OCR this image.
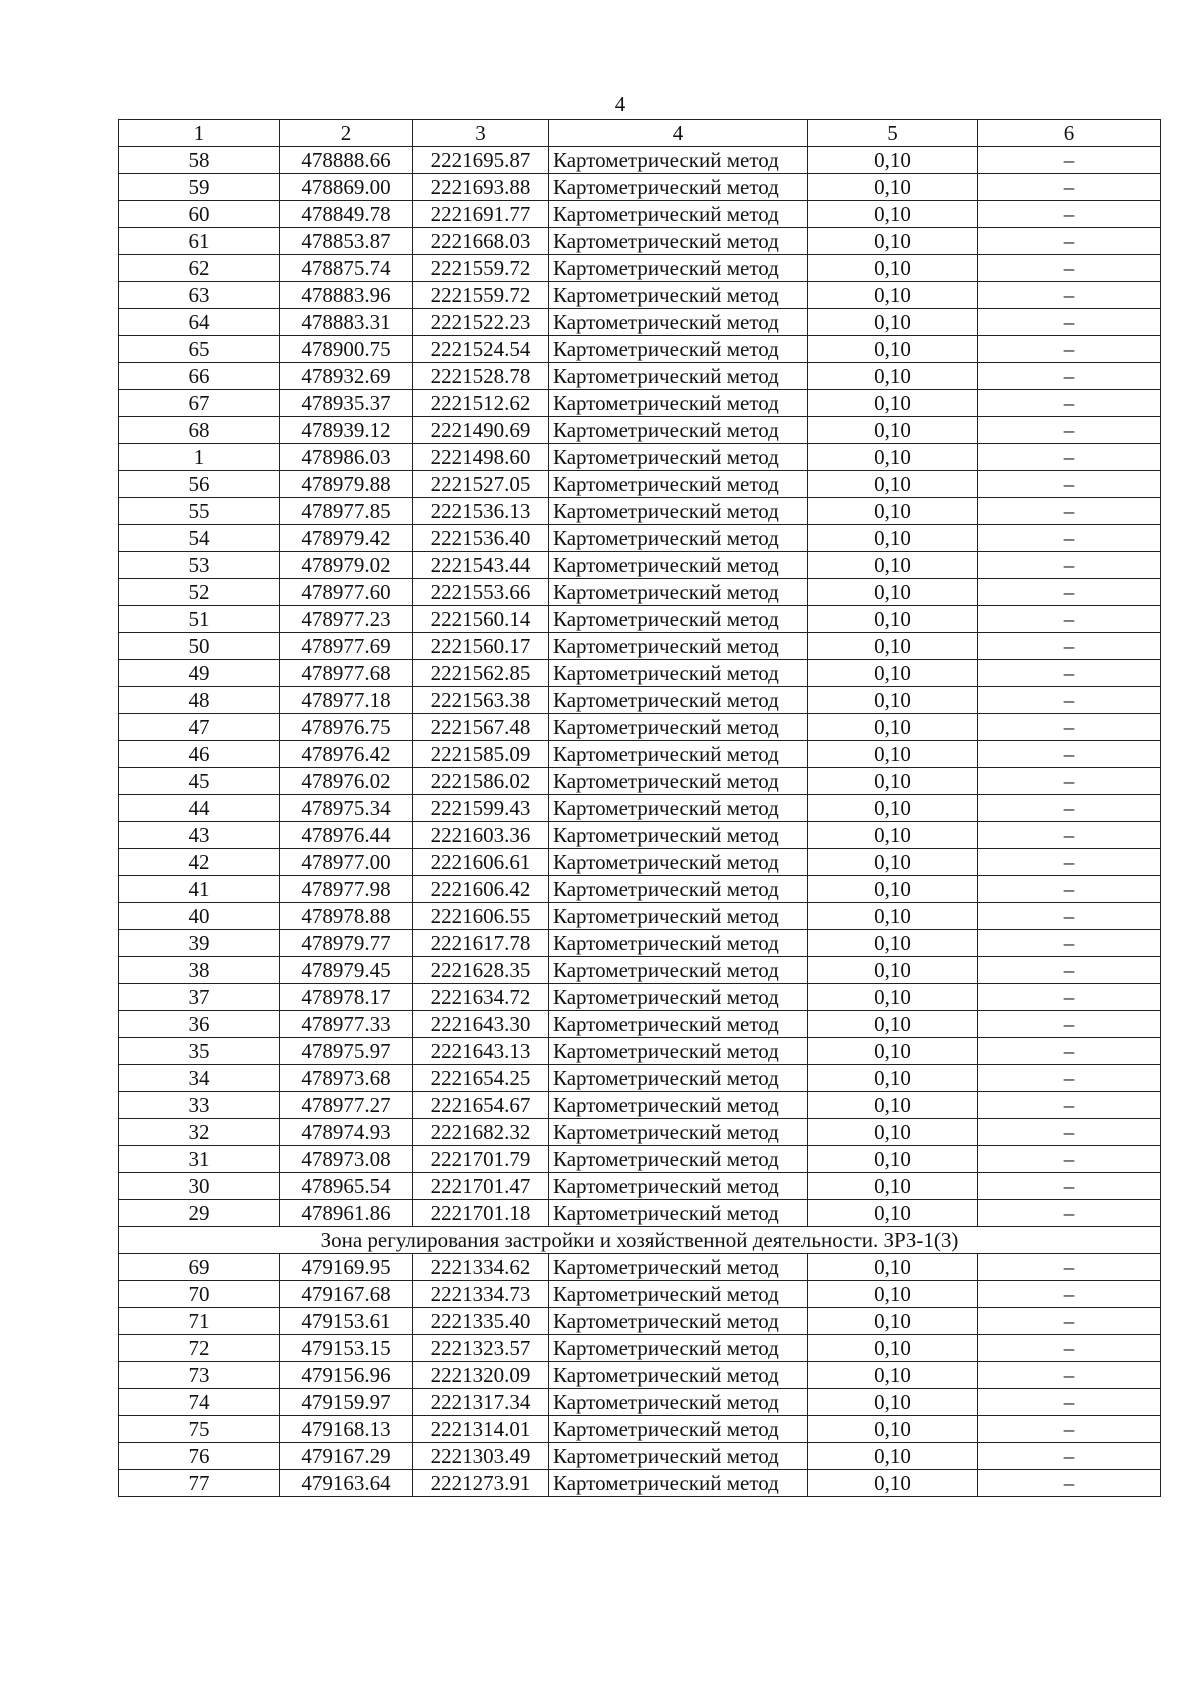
4
1	2	3	4	5	6
58	478888.66	2221695.87	Картометрический метод	0,10	–
59	478869.00	2221693.88	Картометрический метод	0,10	–
60	478849.78	2221691.77	Картометрический метод	0,10	–
61	478853.87	2221668.03	Картометрический метод	0,10	–
62	478875.74	2221559.72	Картометрический метод	0,10	–
63	478883.96	2221559.72	Картометрический метод	0,10	–
64	478883.31	2221522.23	Картометрический метод	0,10	–
65	478900.75	2221524.54	Картометрический метод	0,10	–
66	478932.69	2221528.78	Картометрический метод	0,10	–
67	478935.37	2221512.62	Картометрический метод	0,10	–
68	478939.12	2221490.69	Картометрический метод	0,10	–
1	478986.03	2221498.60	Картометрический метод	0,10	–
56	478979.88	2221527.05	Картометрический метод	0,10	–
55	478977.85	2221536.13	Картометрический метод	0,10	–
54	478979.42	2221536.40	Картометрический метод	0,10	–
53	478979.02	2221543.44	Картометрический метод	0,10	–
52	478977.60	2221553.66	Картометрический метод	0,10	–
51	478977.23	2221560.14	Картометрический метод	0,10	–
50	478977.69	2221560.17	Картометрический метод	0,10	–
49	478977.68	2221562.85	Картометрический метод	0,10	–
48	478977.18	2221563.38	Картометрический метод	0,10	–
47	478976.75	2221567.48	Картометрический метод	0,10	–
46	478976.42	2221585.09	Картометрический метод	0,10	–
45	478976.02	2221586.02	Картометрический метод	0,10	–
44	478975.34	2221599.43	Картометрический метод	0,10	–
43	478976.44	2221603.36	Картометрический метод	0,10	–
42	478977.00	2221606.61	Картометрический метод	0,10	–
41	478977.98	2221606.42	Картометрический метод	0,10	–
40	478978.88	2221606.55	Картометрический метод	0,10	–
39	478979.77	2221617.78	Картометрический метод	0,10	–
38	478979.45	2221628.35	Картометрический метод	0,10	–
37	478978.17	2221634.72	Картометрический метод	0,10	–
36	478977.33	2221643.30	Картометрический метод	0,10	–
35	478975.97	2221643.13	Картометрический метод	0,10	–
34	478973.68	2221654.25	Картометрический метод	0,10	–
33	478977.27	2221654.67	Картометрический метод	0,10	–
32	478974.93	2221682.32	Картометрический метод	0,10	–
31	478973.08	2221701.79	Картометрический метод	0,10	–
30	478965.54	2221701.47	Картометрический метод	0,10	–
29	478961.86	2221701.18	Картометрический метод	0,10	–
Зона регулирования застройки и хозяйственной деятельности. ЗРЗ-1(3)					
69	479169.95	2221334.62	Картометрический метод	0,10	–
70	479167.68	2221334.73	Картометрический метод	0,10	–
71	479153.61	2221335.40	Картометрический метод	0,10	–
72	479153.15	2221323.57	Картометрический метод	0,10	–
73	479156.96	2221320.09	Картометрический метод	0,10	–
74	479159.97	2221317.34	Картометрический метод	0,10	–
75	479168.13	2221314.01	Картометрический метод	0,10	–
76	479167.29	2221303.49	Картометрический метод	0,10	–
77	479163.64	2221273.91	Картометрический метод	0,10	–
